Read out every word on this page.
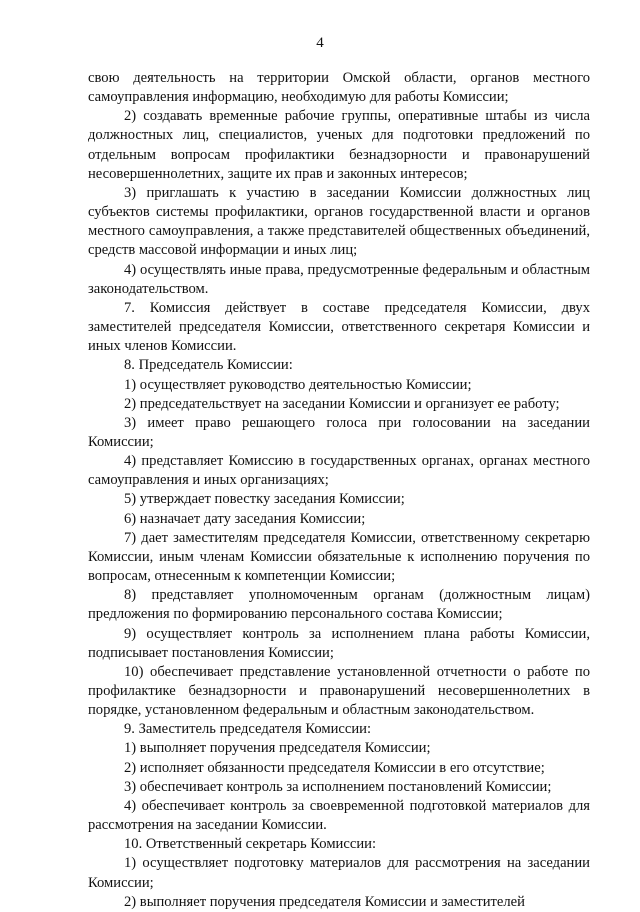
4

свою деятельность на территории Омской области, органов местного самоуправления информацию, необходимую для работы Комиссии;

2) создавать временные рабочие группы, оперативные штабы из числа должностных лиц, специалистов, ученых для подготовки предложений по отдельным вопросам профилактики безнадзорности и правонарушений несовершеннолетних, защите их прав и законных интересов;

3) приглашать к участию в заседании Комиссии должностных лиц субъектов системы профилактики, органов государственной власти и органов местного самоуправления, а также представителей общественных объединений, средств массовой информации и иных лиц;

4) осуществлять иные права, предусмотренные федеральным и областным законодательством.

7. Комиссия действует в составе председателя Комиссии, двух заместителей председателя Комиссии, ответственного секретаря Комиссии и иных членов Комиссии.

8. Председатель Комиссии:

1) осуществляет руководство деятельностью Комиссии;

2) председательствует на заседании Комиссии и организует ее работу;

3) имеет право решающего голоса при голосовании на заседании Комиссии;

4) представляет Комиссию в государственных органах, органах местного самоуправления и иных организациях;

5) утверждает повестку заседания Комиссии;

6) назначает дату заседания Комиссии;

7) дает заместителям председателя Комиссии, ответственному секретарю Комиссии, иным членам Комиссии обязательные к исполнению поручения по вопросам, отнесенным к компетенции Комиссии;

8) представляет уполномоченным органам (должностным лицам) предложения по формированию персонального состава Комиссии;

9) осуществляет контроль за исполнением плана работы Комиссии, подписывает постановления Комиссии;

10) обеспечивает представление установленной отчетности о работе по профилактике безнадзорности и правонарушений несовершеннолетних в порядке, установленном федеральным и областным законодательством.

9. Заместитель председателя Комиссии:

1) выполняет поручения председателя Комиссии;

2) исполняет обязанности председателя Комиссии в его отсутствие;

3) обеспечивает контроль за исполнением постановлений Комиссии;

4) обеспечивает контроль за своевременной подготовкой материалов для рассмотрения на заседании Комиссии.

10. Ответственный секретарь Комиссии:

1) осуществляет подготовку материалов для рассмотрения на заседании Комиссии;

2) выполняет поручения председателя Комиссии и заместителей
